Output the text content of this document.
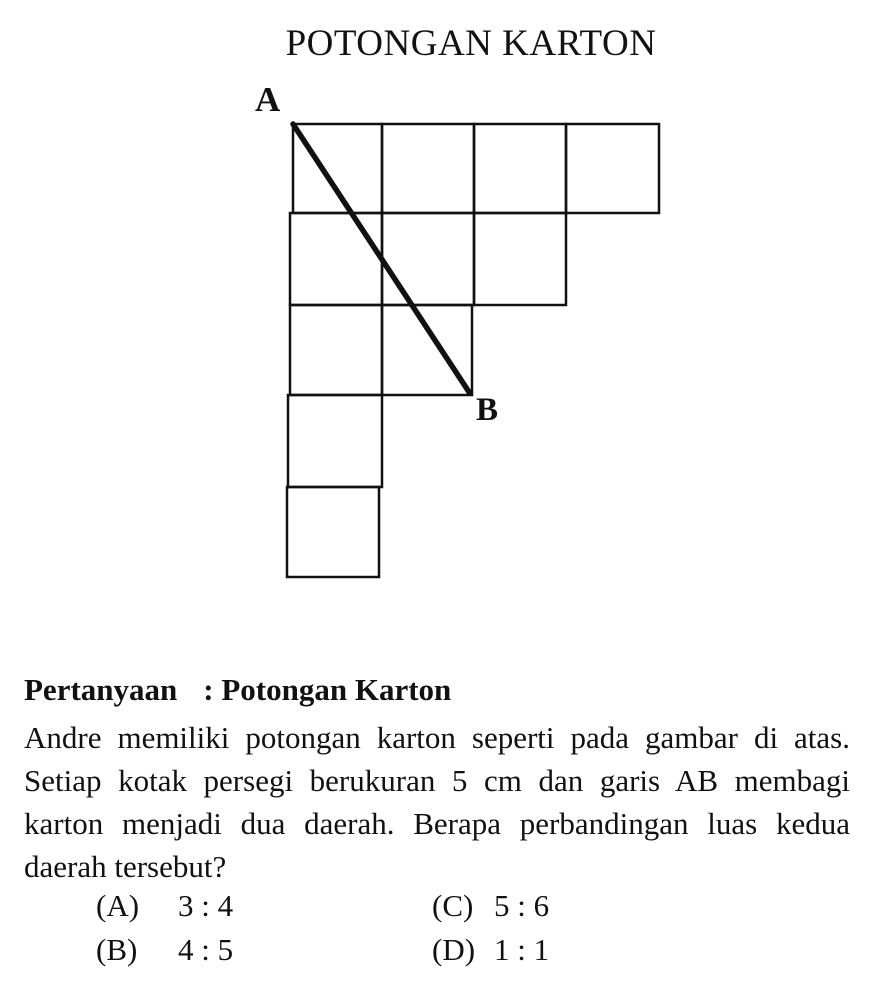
POTONGAN KARTON
A
B

Pertanyaan : Potongan Karton

Andre memiliki potongan karton seperti pada gambar di atas. Setiap kotak persegi berukuran 5 cm dan garis AB membagi karton menjadi dua daerah. Berapa perbandingan luas kedua daerah tersebut?

(A) 3 : 4
(B) 4 : 5
(C) 5 : 6
(D) 1 : 1
